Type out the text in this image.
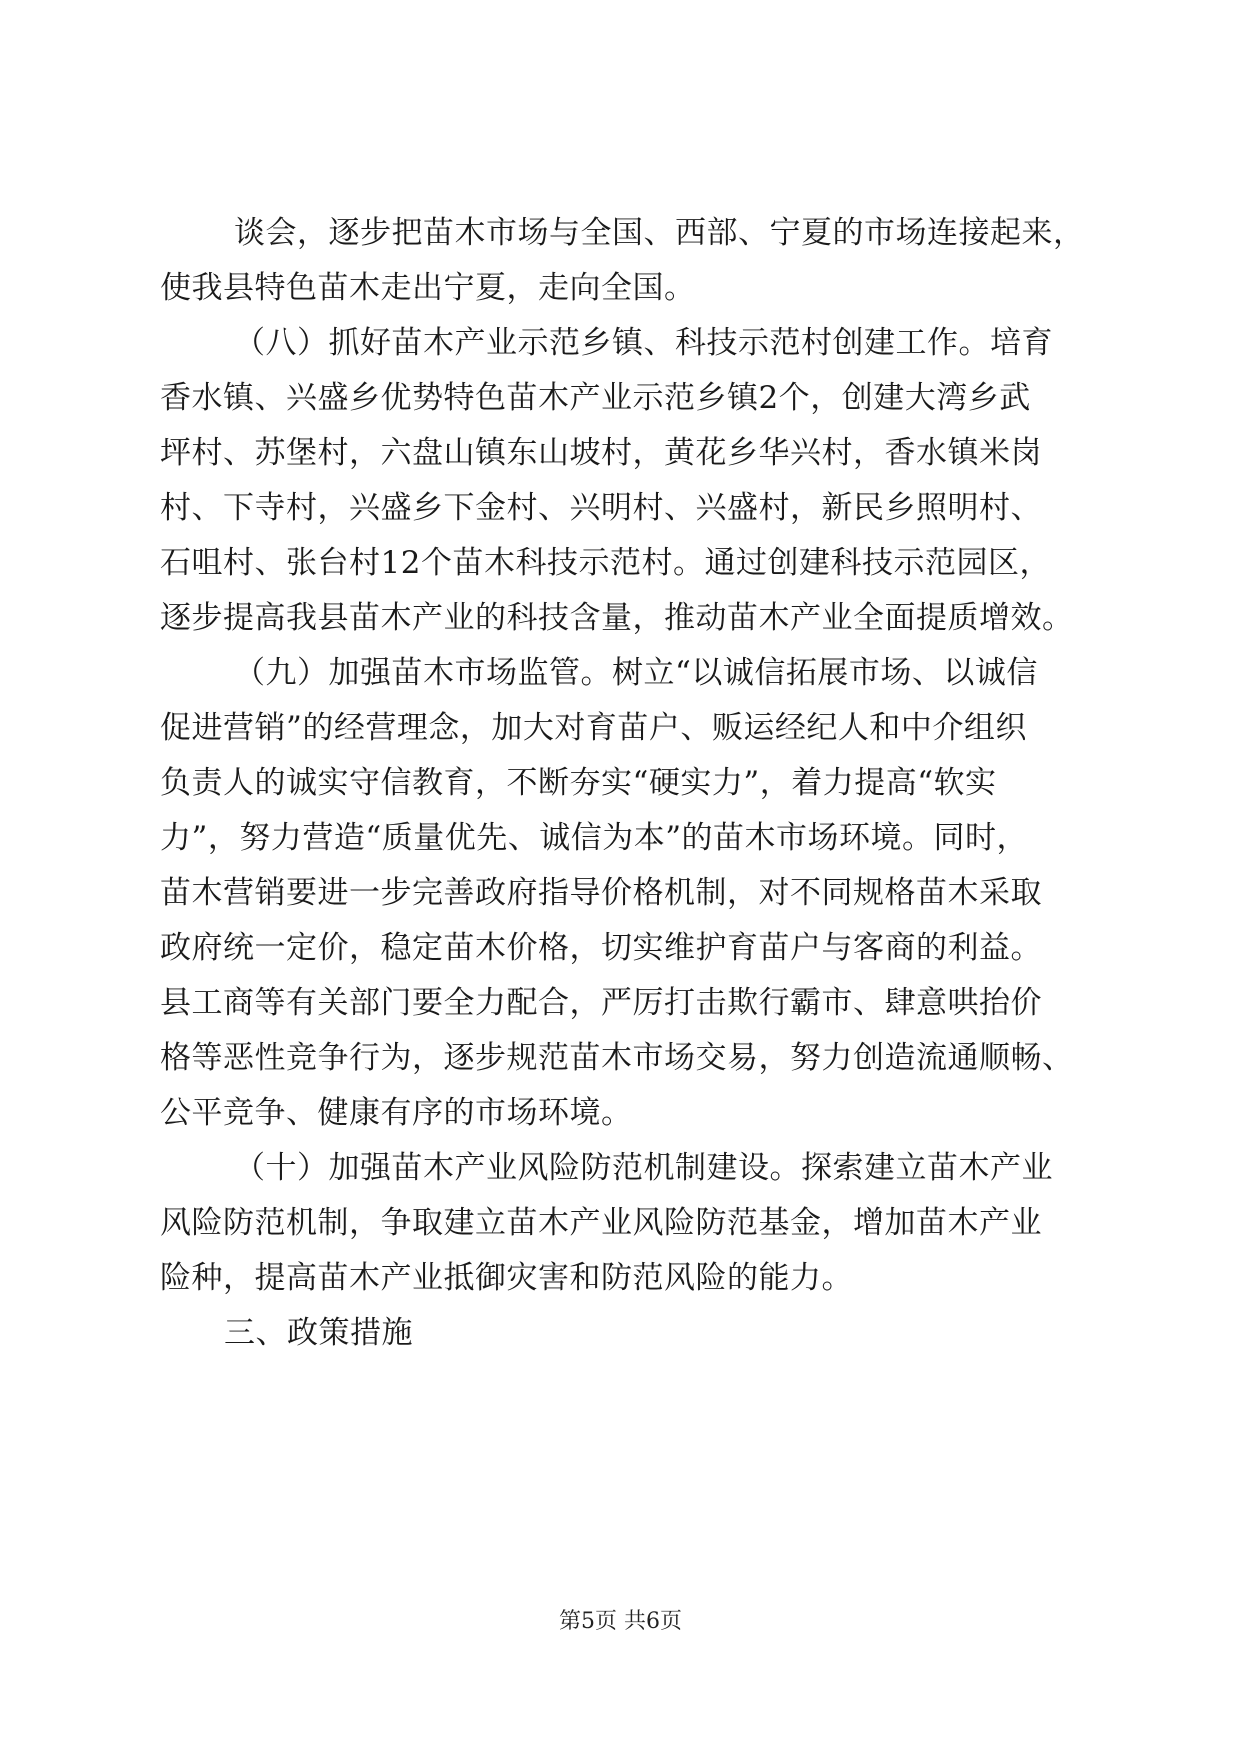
谈会，逐步把苗木市场与全国、西部、宁夏的市场连接起来，
使我县特色苗木走出宁夏，走向全国。
（八）抓好苗木产业示范乡镇、科技示范村创建工作。培育
香水镇、兴盛乡优势特色苗木产业示范乡镇2个，创建大湾乡武
坪村、苏堡村，六盘山镇东山坡村，黄花乡华兴村，香水镇米岗
村、下寺村，兴盛乡下金村、兴明村、兴盛村，新民乡照明村、
石咀村、张台村12个苗木科技示范村。通过创建科技示范园区，
逐步提高我县苗木产业的科技含量，推动苗木产业全面提质增效。
（九）加强苗木市场监管。树立“以诚信拓展市场、以诚信
促进营销”的经营理念，加大对育苗户、贩运经纪人和中介组织
负责人的诚实守信教育，不断夯实“硬实力”，着力提高“软实
力”，努力营造“质量优先、诚信为本”的苗木市场环境。同时，
苗木营销要进一步完善政府指导价格机制，对不同规格苗木采取
政府统一定价，稳定苗木价格，切实维护育苗户与客商的利益。
县工商等有关部门要全力配合，严厉打击欺行霸市、肆意哄抬价
格等恶性竞争行为，逐步规范苗木市场交易，努力创造流通顺畅、
公平竞争、健康有序的市场环境。
（十）加强苗木产业风险防范机制建设。探索建立苗木产业
风险防范机制，争取建立苗木产业风险防范基金，增加苗木产业
险种，提高苗木产业抵御灾害和防范风险的能力。
三、政策措施
第5页 共6页
